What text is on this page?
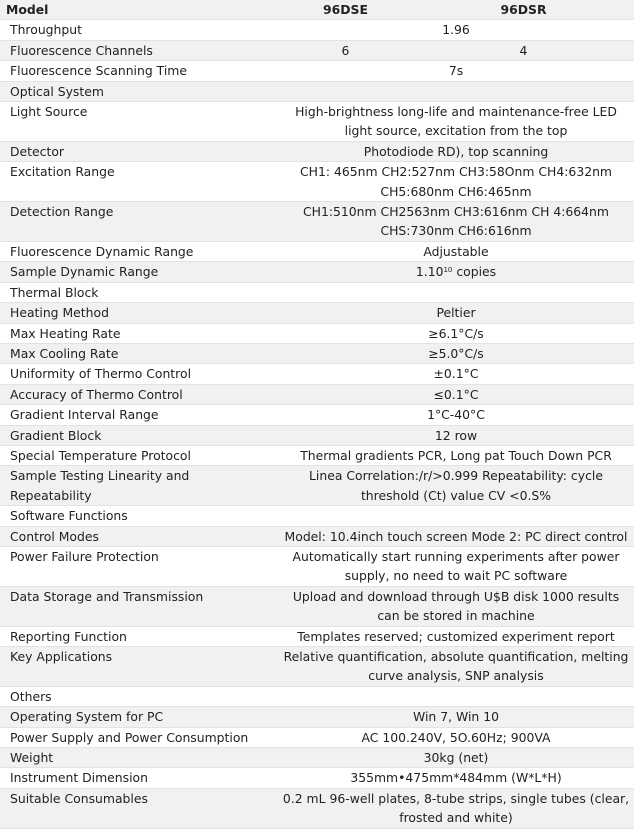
Model	96DSE	96DSR
Throughput	1.96	
Fluorescence Channels	6	4
Fluorescence Scanning Time	7s	
Optical System		
Light Source	High-brightness long-life and maintenance-free LED light source, excitation from the top	
Detector	Photodiode RD), top scanning	
Excitation Range	CH1: 465nm CH2:527nm CH3:58Onm CH4:632nm CH5:680nm CH6:465nm	
Detection Range	CH1:510nm CH2563nm CH3:616nm CH 4:664nm CHS:730nm CH6:616nm	
Fluorescence Dynamic Range	Adjustable	
Sample Dynamic Range	1.10$^{10}$ copies	
Thermal Block		
Heating Method	Peltier	
Max Heating Rate	≥6.1°C/s	
Max Cooling Rate	≥5.0°C/s	
Uniformity of Thermo Control	±0.1°C	
Accuracy of Thermo Control	≤0.1°C	
Gradient Interval Range	1°C-40°C	
Gradient Block	12 row	
Special Temperature Protocol	Thermal gradients PCR, Long pat Touch Down PCR	
Sample Testing Linearity and Repeatability	Linea Correlation:/r/>0.999 Repeatability: cycle threshold (Ct) value CV <0.S%	
Software Functions		
Control Modes	Model: 10.4inch touch screen Mode 2: PC direct control	
Power Failure Protection	Automatically start running experiments after power supply, no need to wait PC software	
Data Storage and Transmission	Upload and download through U$B disk 1000 results can be stored in machine	
Reporting Function	Templates reserved; customized experiment report	
Key Applications	Relative quantification, absolute quantification, melting curve analysis, SNP analysis	
Others		
Operating System for PC	Win 7, Win 10	
Power Supply and Power Consumption	AC 100.240V, 5O.60Hz; 900VA	
Weight	30kg (net)	
Instrument Dimension	355mm•475mm*484mm (W*L*H)	
Suitable Consumables	0.2 mL 96-well plates, 8-tube strips, single tubes (clear, frosted and white)	
